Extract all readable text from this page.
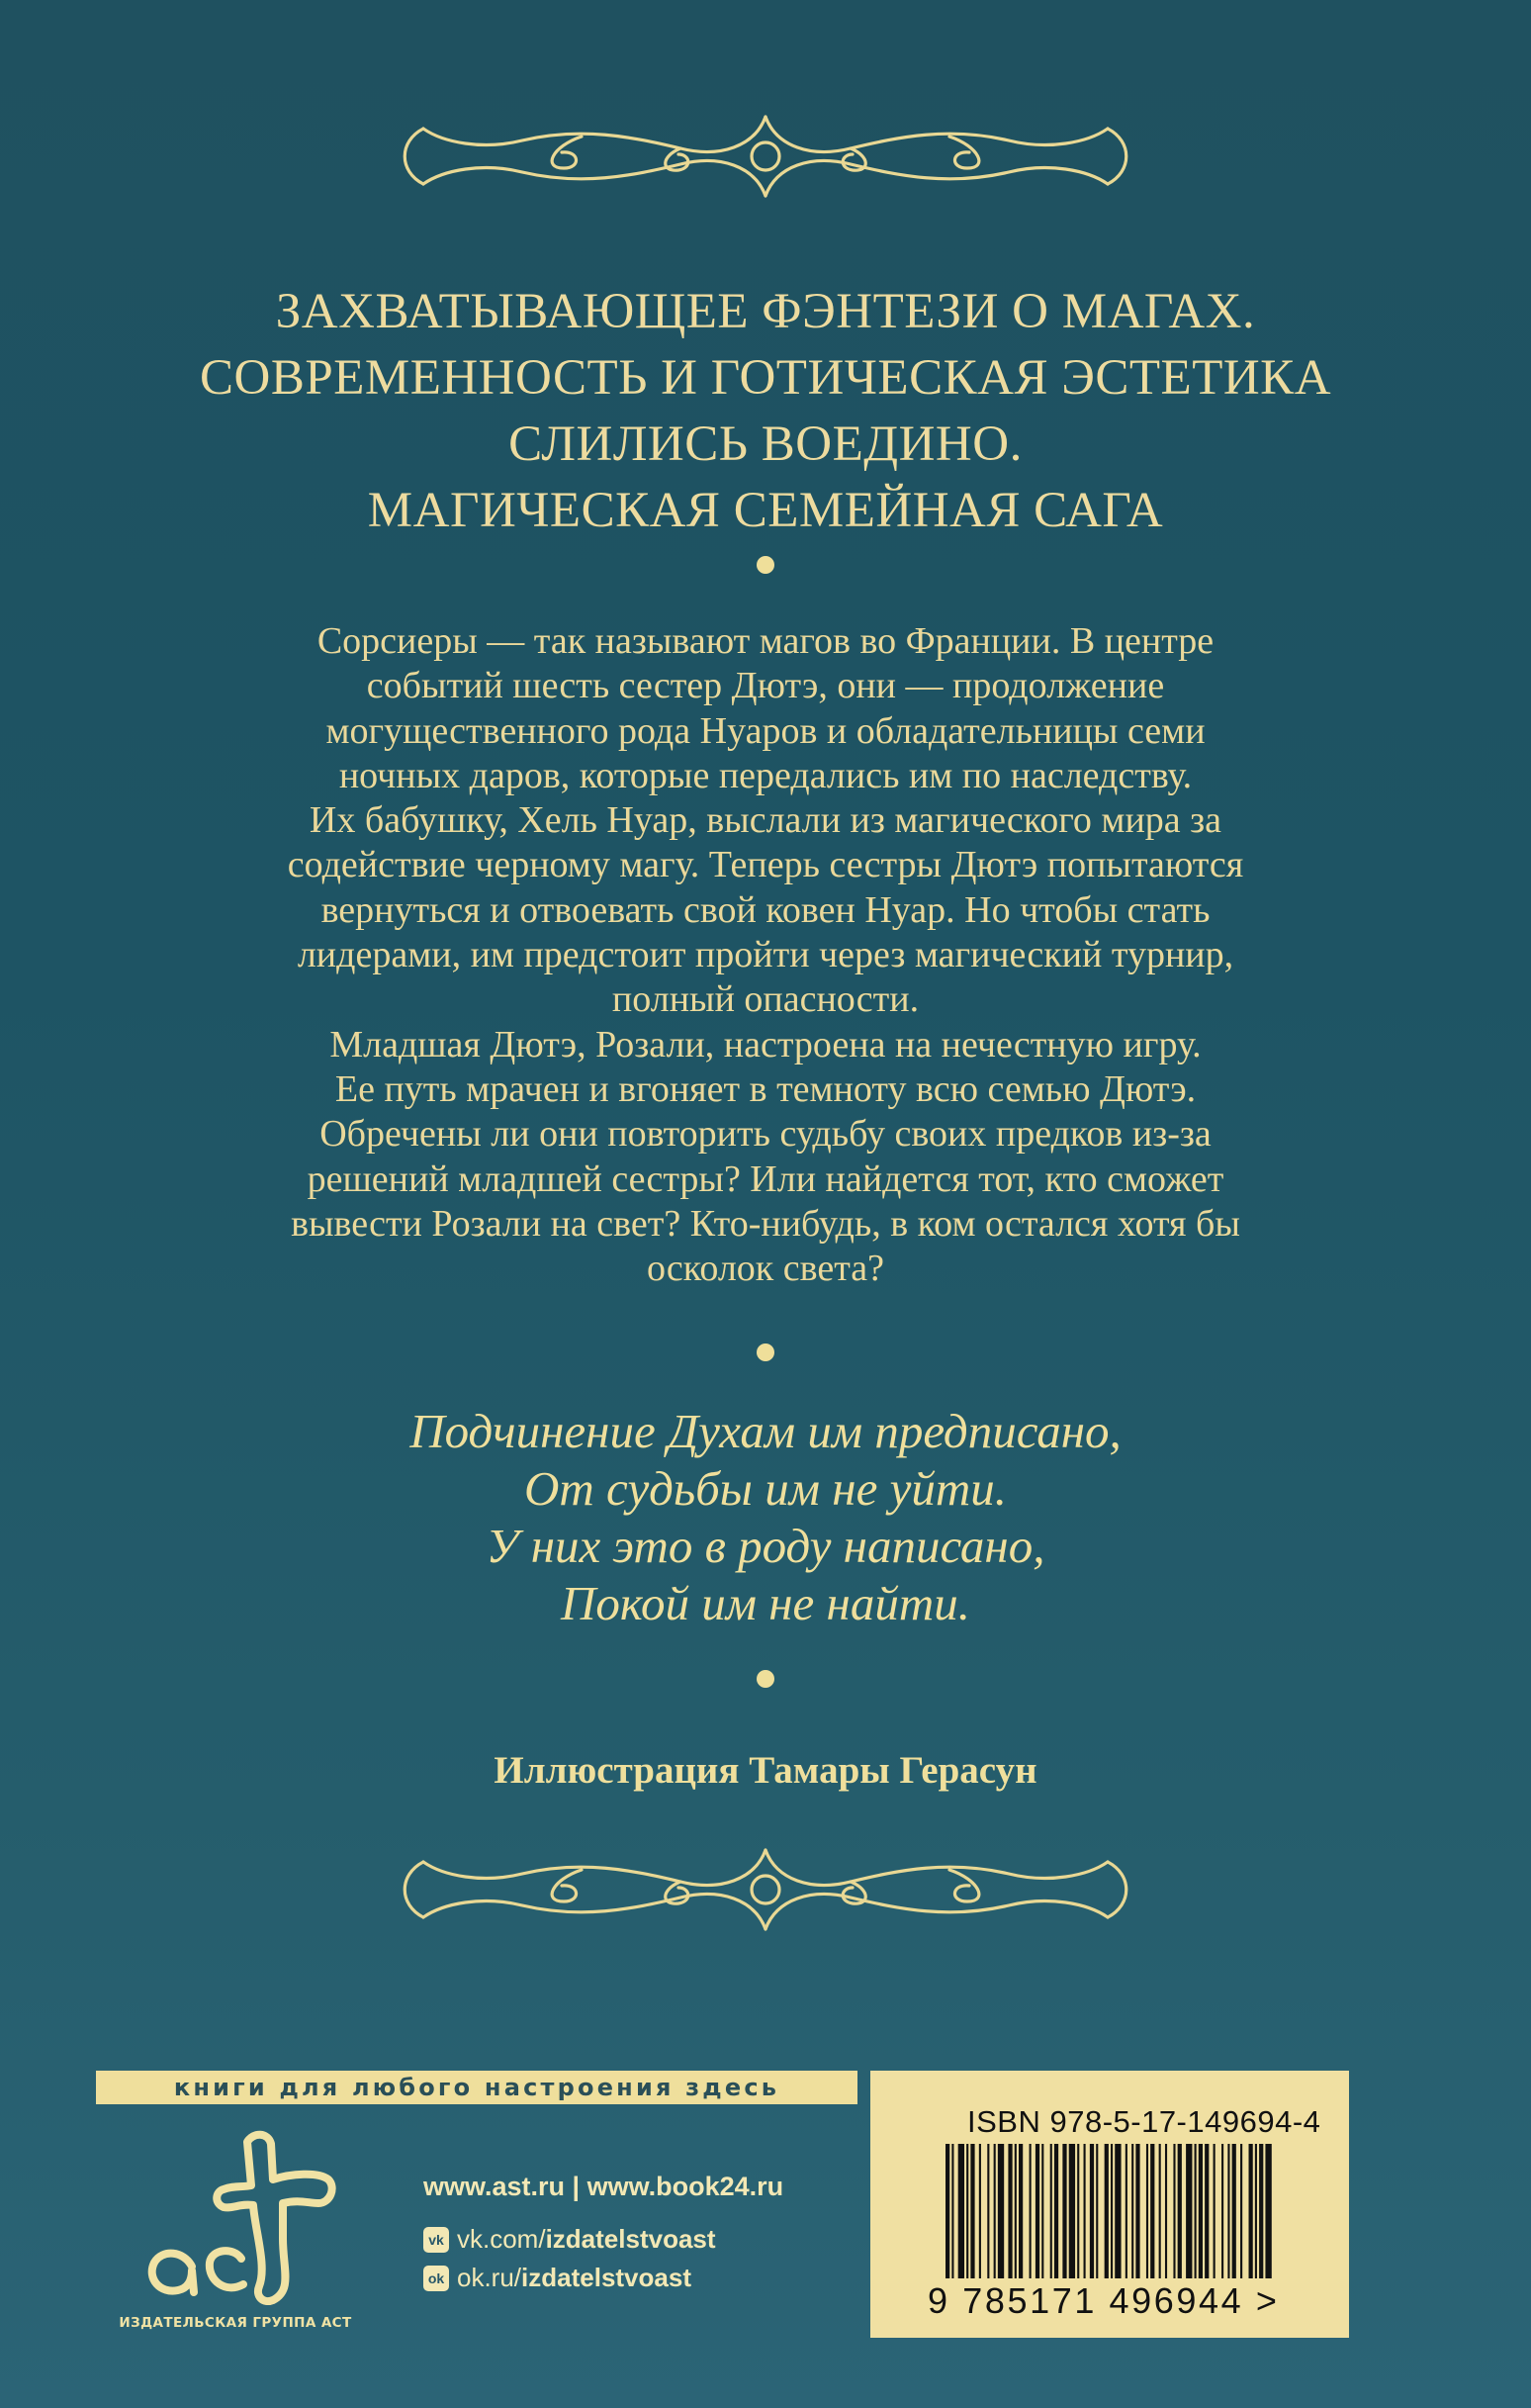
ЗАХВАТЫВАЮЩЕЕ ФЭНТЕЗИ О МАГАХ.
СОВРЕМЕННОСТЬ И ГОТИЧЕСКАЯ ЭСТЕТИКА
СЛИЛИСЬ ВОЕДИНО.
МАГИЧЕСКАЯ СЕМЕЙНАЯ САГА
Сорсиеры — так называют магов во Франции. В центре
событий шесть сестер Дютэ, они — продолжение
могущественного рода Нуаров и обладательницы семи
ночных даров, которые передались им по наследству.
Их бабушку, Хель Нуар, выслали из магического мира за
содействие черному магу. Теперь сестры Дютэ попытаются
вернуться и отвоевать свой ковен Нуар. Но чтобы стать
лидерами, им предстоит пройти через магический турнир,
полный опасности.
Младшая Дютэ, Розали, настроена на нечестную игру.
Ее путь мрачен и вгоняет в темноту всю семью Дютэ.
Обречены ли они повторить судьбу своих предков из-за
решений младшей сестры? Или найдется тот, кто сможет
вывести Розали на свет? Кто-нибудь, в ком остался хотя бы
осколок света?
Подчинение Духам им предписано,
От судьбы им не уйти.
У них это в роду написано,
Покой им не найти.
Иллюстрация Тамары Герасун
книги для любого настроения здесь
ИЗДАТЕЛЬСКАЯ ГРУППА АСТ
www.ast.ru | www.book24.ru
vk vk.com/ izdatelstvoast
ok ok.ru/ izdatelstvoast
ISBN 978-5-17-149694-4
9 785171 496944 >
